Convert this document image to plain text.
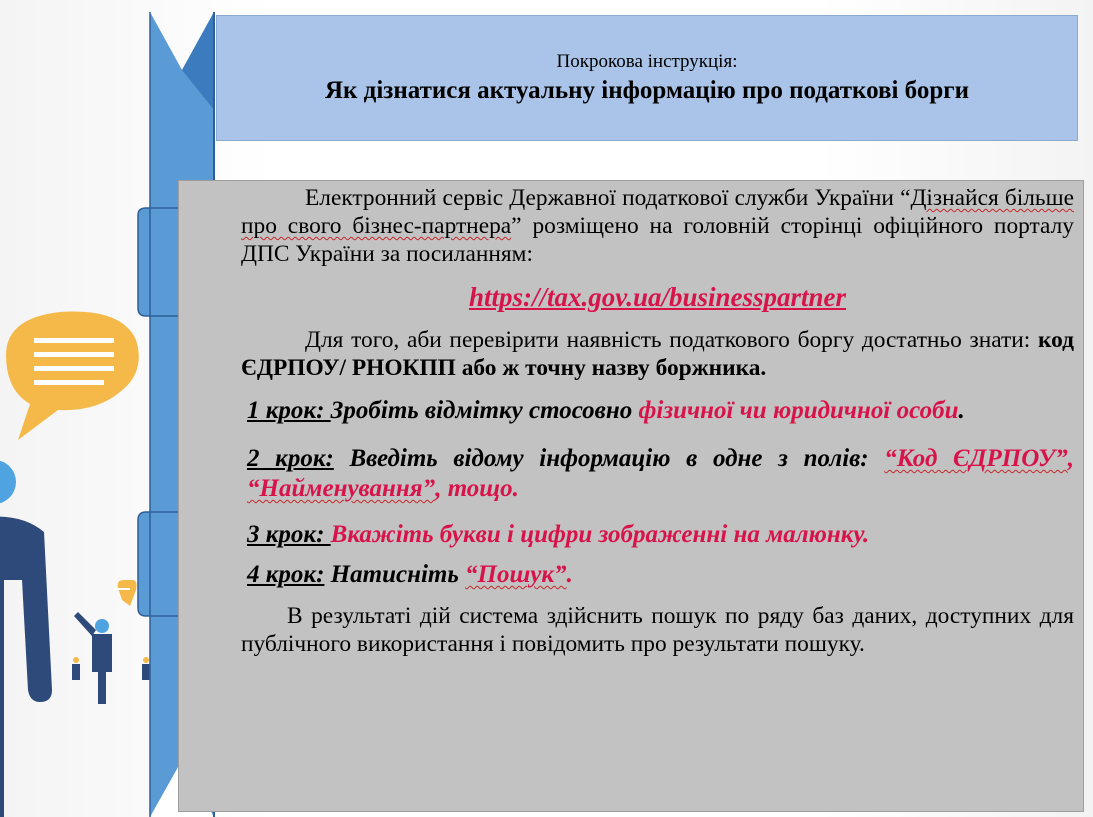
Покрокова інструкція:
Як дізнатися актуальну інформацію про податкові борги

Електронний сервіс Державної податкової служби України “Дізнайся більше про свого бізнес-партнера” розміщено на головній сторінці офіційного порталу ДПС України за посиланням:

https://tax.gov.ua/businesspartner

Для того, аби перевірити наявність податкового боргу достатньо знати: код ЄДРПОУ/ РНОКПП або ж точну назву боржника.

1 крок: Зробіть відмітку стосовно фізичної чи юридичної особи.

2 крок: Введіть відому інформацію в одне з полів: “Код ЄДРПОУ”, “Найменування”, тощо.

3 крок: Вкажіть букви і цифри зображенні на малюнку.

4 крок: Натисніть “Пошук”.

В результаті дій система здійснить пошук по ряду баз даних, доступних для публічного використання і повідомить про результати пошуку.
